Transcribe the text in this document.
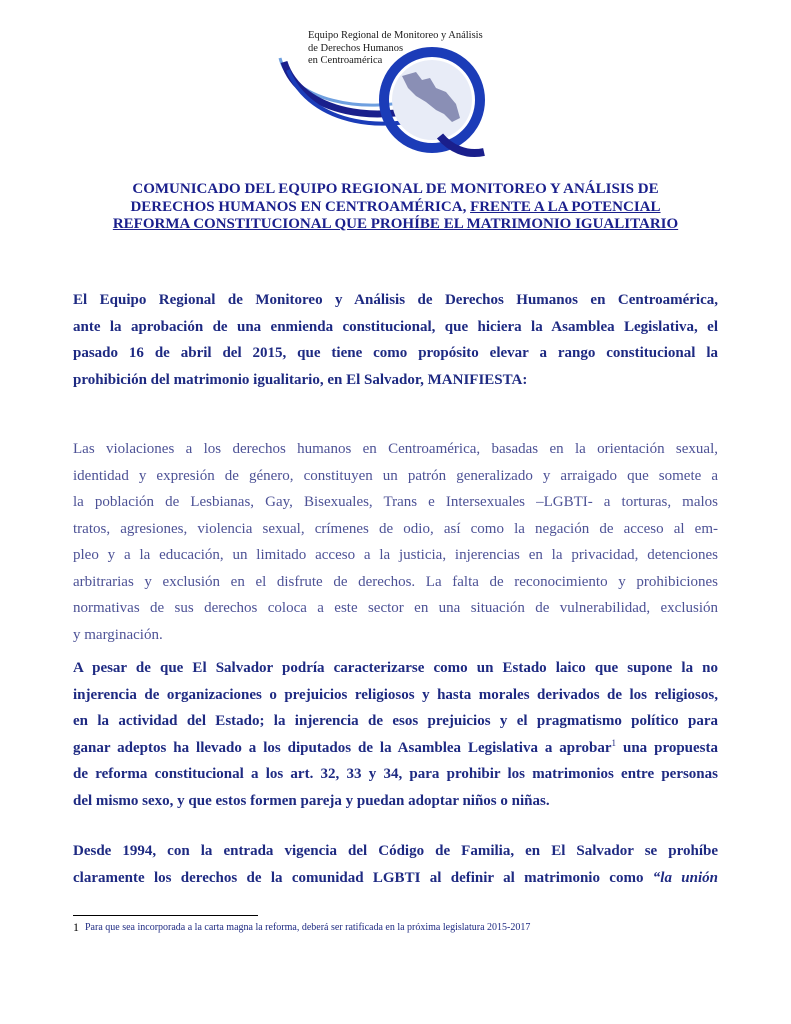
Equipo Regional de Monitoreo y Análisis
de Derechos Humanos
en Centroamérica
COMUNICADO DEL EQUIPO REGIONAL DE MONITOREO Y ANÁLISIS DE
DERECHOS HUMANOS EN CENTROAMÉRICA, FRENTE A LA POTENCIAL
REFORMA CONSTITUCIONAL QUE PROHÍBE EL MATRIMONIO IGUALITARIO
El Equipo Regional de Monitoreo y Análisis de Derechos Humanos en Centroamérica,
ante la aprobación de una enmienda constitucional, que hiciera la Asamblea Legislativa, el
pasado 16 de abril del 2015, que tiene como propósito elevar a rango constitucional la
prohibición del matrimonio igualitario, en El Salvador, MANIFIESTA:
Las violaciones a los derechos humanos en Centroamérica, basadas en la orientación sexual,
identidad y expresión de género, constituyen un patrón generalizado y arraigado que somete a
la población de Lesbianas, Gay, Bisexuales, Trans e Intersexuales –LGBTI- a torturas, malos
tratos, agresiones, violencia sexual, crímenes de odio, así como la negación de acceso al em-
pleo y a la educación, un limitado acceso a la justicia, injerencias en la privacidad, detenciones
arbitrarias y exclusión en el disfrute de derechos. La falta de reconocimiento y prohibiciones
normativas de sus derechos coloca a este sector en una situación de vulnerabilidad, exclusión
y marginación.
A pesar de que El Salvador podría caracterizarse como un Estado laico que supone la no
injerencia de organizaciones o prejuicios religiosos y hasta morales derivados de los religiosos,
en la actividad del Estado; la injerencia de esos prejuicios y el pragmatismo político para
ganar adeptos ha llevado a los diputados de la Asamblea Legislativa a aprobar$^1$ una propuesta
de reforma constitucional a los art. 32, 33 y 34, para prohibir los matrimonios entre personas
del mismo sexo, y que estos formen pareja y puedan adoptar niños o niñas.
Desde 1994, con la entrada vigencia del Código de Familia, en El Salvador se prohíbe
claramente los derechos de la comunidad LGBTI al definir al matrimonio como “la unión
1 Para que sea incorporada a la carta magna la reforma, deberá ser ratificada en la próxima legislatura 2015-2017
